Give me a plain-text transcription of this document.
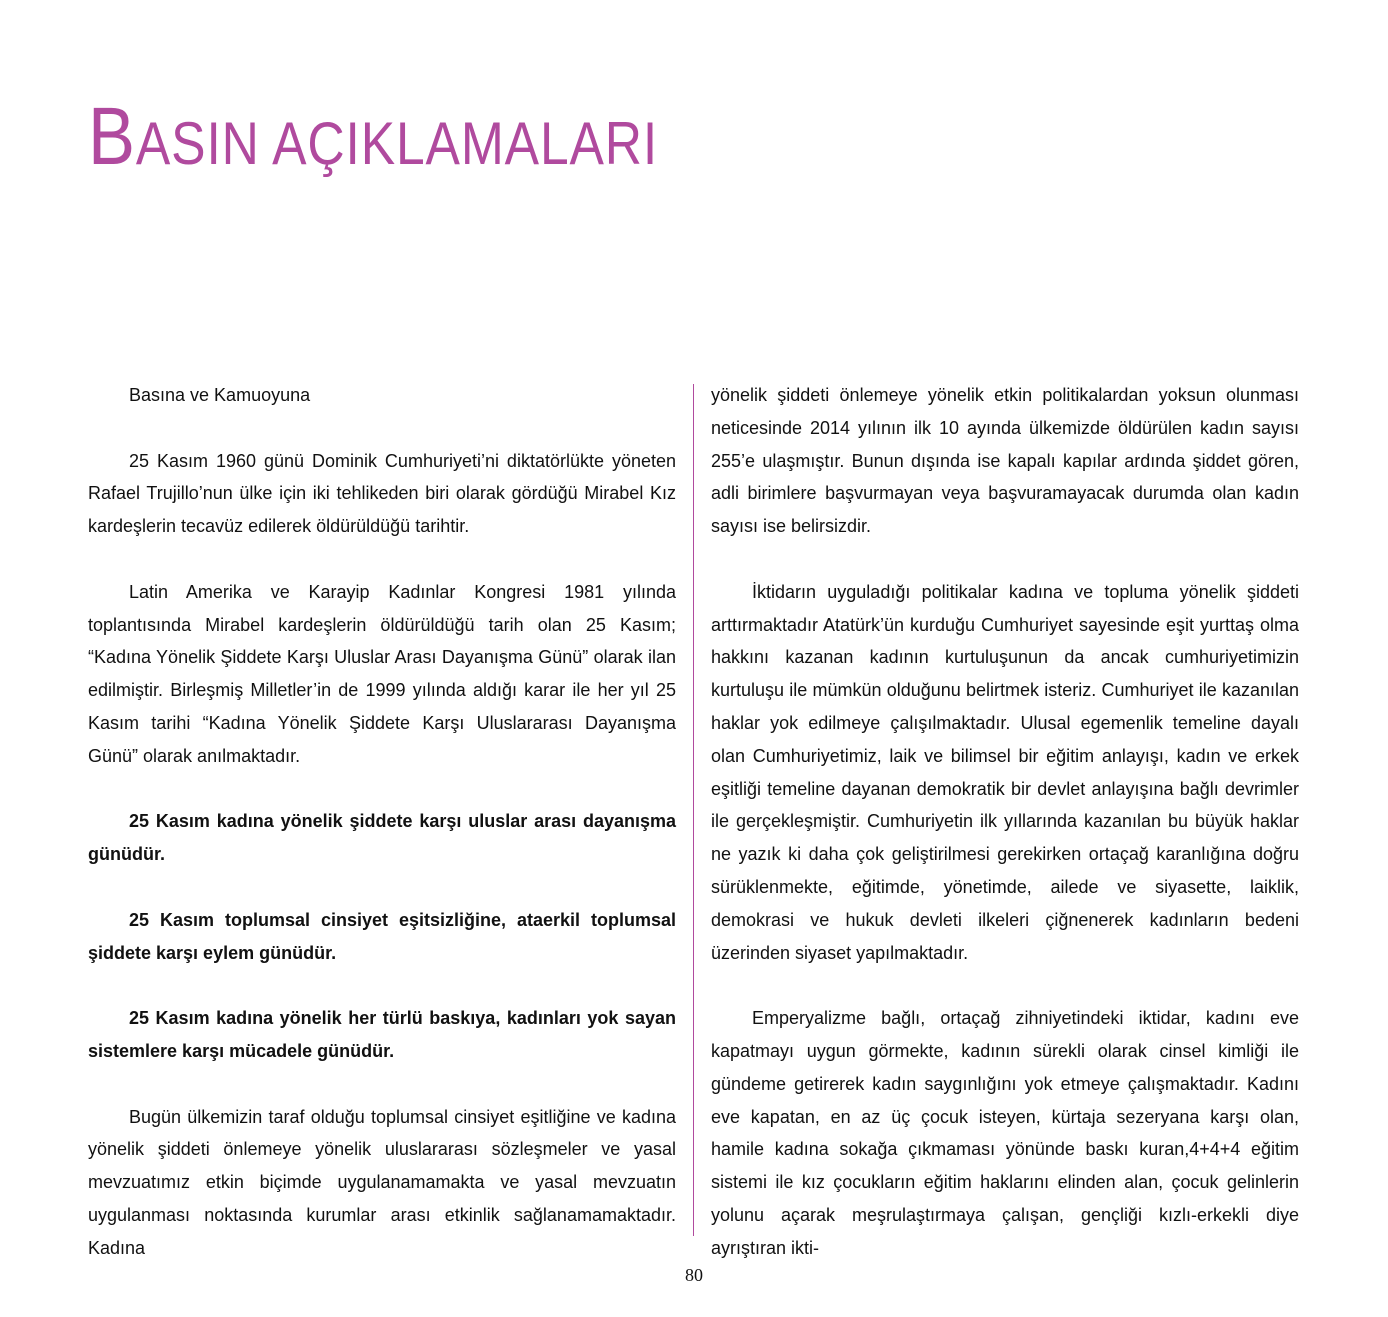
BASIN AÇIKLAMALARI

Basına ve Kamuoyuna

25 Kasım 1960 günü Dominik Cumhuriyeti’ni diktatörlükte yöneten Rafael Trujillo’nun ülke için iki tehlikeden biri olarak gördüğü Mirabel Kız kardeşlerin tecavüz edilerek öldürüldüğü tarihtir.

Latin Amerika ve Karayip Kadınlar Kongresi 1981 yılında toplantısında Mirabel kardeşlerin öldürüldüğü tarih olan 25 Kasım; “Kadına Yönelik Şiddete Karşı Uluslar Arası Dayanışma Günü” olarak ilan edilmiştir. Birleşmiş Milletler’in de 1999 yılında aldığı karar ile her yıl 25 Kasım tarihi “Kadına Yönelik Şiddete Karşı Uluslararası Dayanışma Günü” olarak anılmaktadır.

25 Kasım kadına yönelik şiddete karşı uluslar arası dayanışma günüdür.

25 Kasım toplumsal cinsiyet eşitsizliğine, ataerkil toplumsal şiddete karşı eylem günüdür.

25 Kasım kadına yönelik her türlü baskıya, kadınları yok sayan sistemlere karşı mücadele günüdür.

Bugün ülkemizin taraf olduğu toplumsal cinsiyet eşitliğine ve kadına yönelik şiddeti önlemeye yönelik uluslararası sözleşmeler ve yasal mevzuatımız etkin biçimde uygulanamamakta ve yasal mevzuatın uygulanması noktasında kurumlar arası etkinlik sağlanamamaktadır. Kadına

yönelik şiddeti önlemeye yönelik etkin politikalardan yoksun olunması neticesinde 2014 yılının ilk 10 ayında ülkemizde öldürülen kadın sayısı 255’e ulaşmıştır. Bunun dışında ise kapalı kapılar ardında şiddet gören, adli birimlere başvurmayan veya başvuramayacak durumda olan kadın sayısı ise belirsizdir.

İktidarın uyguladığı politikalar kadına ve topluma yönelik şiddeti arttırmaktadır Atatürk’ün kurduğu Cumhuriyet sayesinde eşit yurttaş olma hakkını kazanan kadının kurtuluşunun da ancak cumhuriyetimizin kurtuluşu ile mümkün olduğunu belirtmek isteriz. Cumhuriyet ile kazanılan haklar yok edilmeye çalışılmaktadır. Ulusal egemenlik temeline dayalı olan Cumhuriyetimiz, laik ve bilimsel bir eğitim anlayışı, kadın ve erkek eşitliği temeline dayanan demokratik bir devlet anlayışına bağlı devrimler ile gerçekleşmiştir. Cumhuriyetin ilk yıllarında kazanılan bu büyük haklar ne yazık ki daha çok geliştirilmesi gerekirken ortaçağ karanlığına doğru sürüklenmekte, eğitimde, yönetimde, ailede ve siyasette, laiklik, demokrasi ve hukuk devleti ilkeleri çiğnenerek kadınların bedeni üzerinden siyaset yapılmaktadır.

Emperyalizme bağlı, ortaçağ zihniyetindeki iktidar, kadını eve kapatmayı uygun görmekte, kadının sürekli olarak cinsel kimliği ile gündeme getirerek kadın saygınlığını yok etmeye çalışmaktadır. Kadını eve kapatan, en az üç çocuk isteyen, kürtaja sezeryana karşı olan, hamile kadına sokağa çıkmaması yönünde baskı kuran,4+4+4 eğitim sistemi ile kız çocukların eğitim haklarını elinden alan, çocuk gelinlerin yolunu açarak meşrulaştırmaya çalışan, gençliği kızlı-erkekli diye ayrıştıran ikti-

80
